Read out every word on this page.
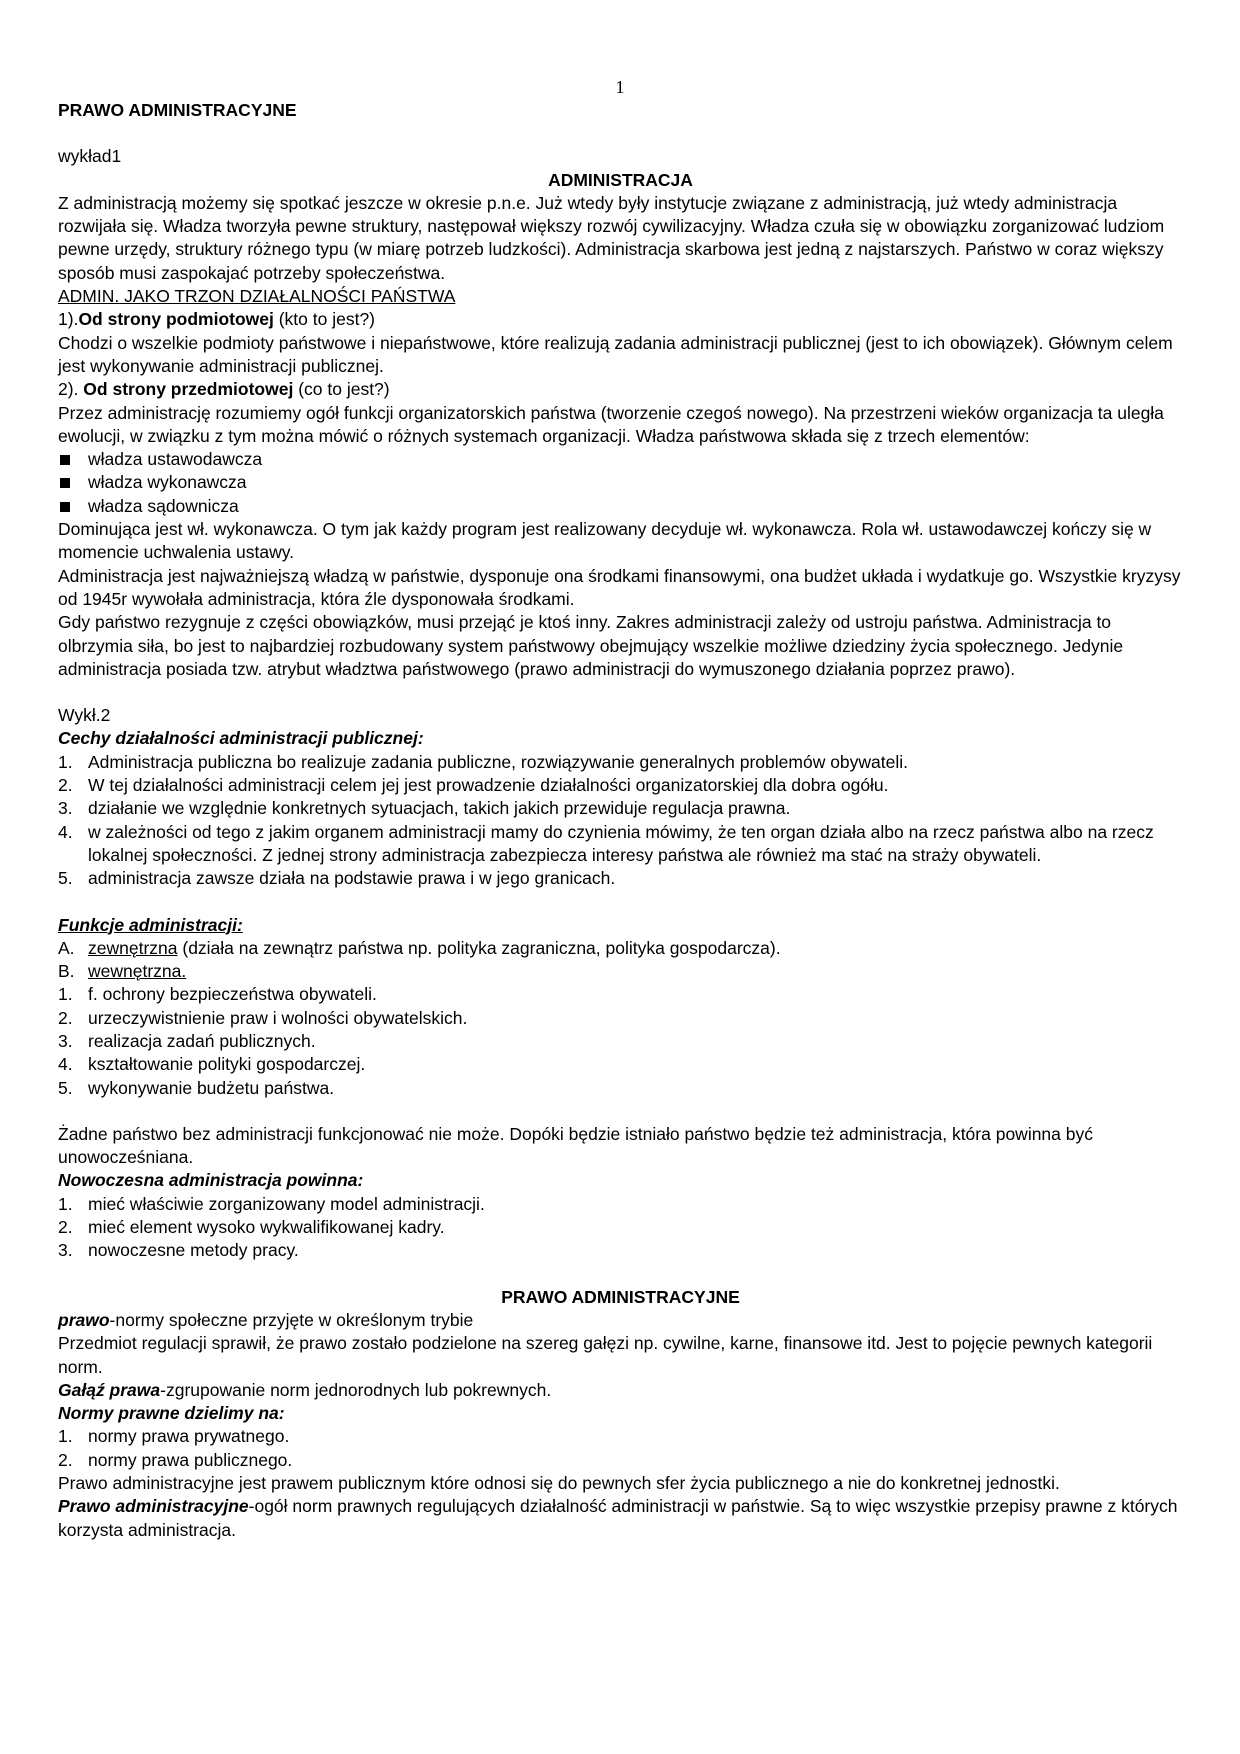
1

PRAWO ADMINISTRACYJNE

wykład1

ADMINISTRACJA

Z administracją możemy się spotkać jeszcze w okresie p.n.e. Już wtedy były instytucje związane z administracją, już wtedy administracja rozwijała się. Władza tworzyła pewne struktury, następował większy rozwój cywilizacyjny. Władza czuła się w obowiązku zorganizować ludziom pewne urzędy, struktury różnego typu (w miarę potrzeb ludzkości). Administracja skarbowa jest jedną z najstarszych. Państwo w coraz większy sposób musi zaspokajać potrzeby społeczeństwa.

ADMIN. JAKO TRZON DZIAŁALNOŚCI PAŃSTWA

1).Od strony podmiotowej (kto to jest?)

Chodzi o wszelkie podmioty państwowe i niepaństwowe, które realizują zadania administracji publicznej (jest to ich obowiązek). Głównym celem jest wykonywanie administracji publicznej.

2). Od strony przedmiotowej (co to jest?)

Przez administrację rozumiemy ogół funkcji organizatorskich państwa (tworzenie czegoś nowego). Na przestrzeni wieków organizacja ta uległa ewolucji, w związku z tym można mówić o różnych systemach organizacji. Władza państwowa składa się z trzech elementów:

władza ustawodawcza
władza wykonawcza
władza sądownicza

Dominująca jest wł. wykonawcza. O tym jak każdy program jest realizowany decyduje wł. wykonawcza. Rola wł. ustawodawczej kończy się w momencie uchwalenia ustawy.

Administracja jest najważniejszą władzą w państwie, dysponuje ona środkami finansowymi, ona budżet układa i wydatkuje go. Wszystkie kryzysy od 1945r wywołała administracja, która źle dysponowała środkami.

Gdy państwo rezygnuje z części obowiązków, musi przejąć je ktoś inny. Zakres administracji zależy od ustroju państwa. Administracja to olbrzymia siła, bo jest to najbardziej rozbudowany system państwowy obejmujący wszelkie możliwe dziedziny życia społecznego. Jedynie administracja posiada tzw. atrybut władztwa państwowego (prawo administracji do wymuszonego działania poprzez prawo).

Wykł.2

Cechy działalności administracji publicznej:

1. Administracja publiczna bo realizuje zadania publiczne, rozwiązywanie generalnych problemów obywateli.
2. W tej działalności administracji celem jej jest prowadzenie działalności organizatorskiej dla dobra ogółu.
3. działanie we względnie konkretnych sytuacjach, takich jakich przewiduje regulacja prawna.
4. w zależności od tego z jakim organem administracji mamy do czynienia mówimy, że ten organ działa albo na rzecz państwa albo na rzecz lokalnej społeczności. Z jednej strony administracja zabezpiecza interesy państwa ale również ma stać na straży obywateli.
5. administracja zawsze działa na podstawie prawa i w jego granicach.

Funkcje administracji:

A. zewnętrzna (działa na zewnątrz państwa np. polityka zagraniczna, polityka gospodarcza).
B. wewnętrzna.
1. f. ochrony bezpieczeństwa obywateli.
2. urzeczywistnienie praw i wolności obywatelskich.
3. realizacja zadań publicznych.
4. kształtowanie polityki gospodarczej.
5. wykonywanie budżetu państwa.

Żadne państwo bez administracji funkcjonować nie może. Dopóki będzie istniało państwo będzie też administracja, która powinna być unowocześniana.

Nowoczesna administracja powinna:

1. mieć właściwie zorganizowany model administracji.
2. mieć element wysoko wykwalifikowanej kadry.
3. nowoczesne metody pracy.

PRAWO ADMINISTRACYJNE

prawo-normy społeczne przyjęte w określonym trybie

Przedmiot regulacji sprawił, że prawo zostało podzielone na szereg gałęzi np. cywilne, karne, finansowe itd. Jest to pojęcie pewnych kategorii norm.

Gałąź prawa-zgrupowanie norm jednorodnych lub pokrewnych.

Normy prawne dzielimy na:

1. normy prawa prywatnego.
2. normy prawa publicznego.

Prawo administracyjne jest prawem publicznym które odnosi się do pewnych sfer życia publicznego a nie do konkretnej jednostki.

Prawo administracyjne-ogół norm prawnych regulujących działalność administracji w państwie. Są to więc wszystkie przepisy prawne z których korzysta administracja.
